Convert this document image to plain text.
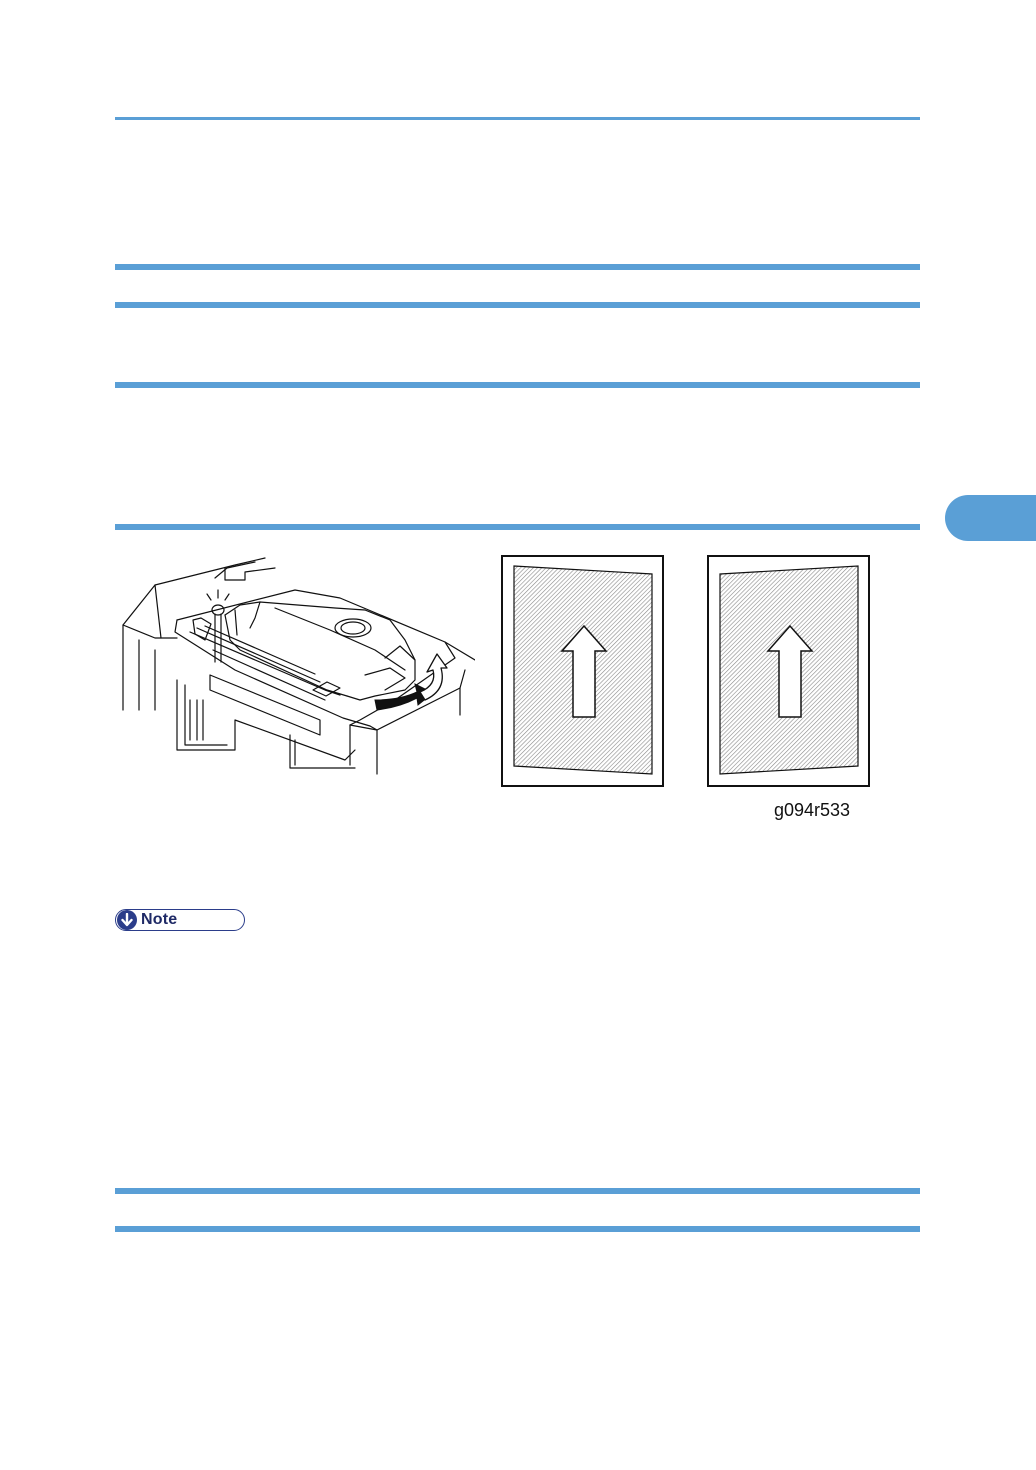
g094r533
Note
